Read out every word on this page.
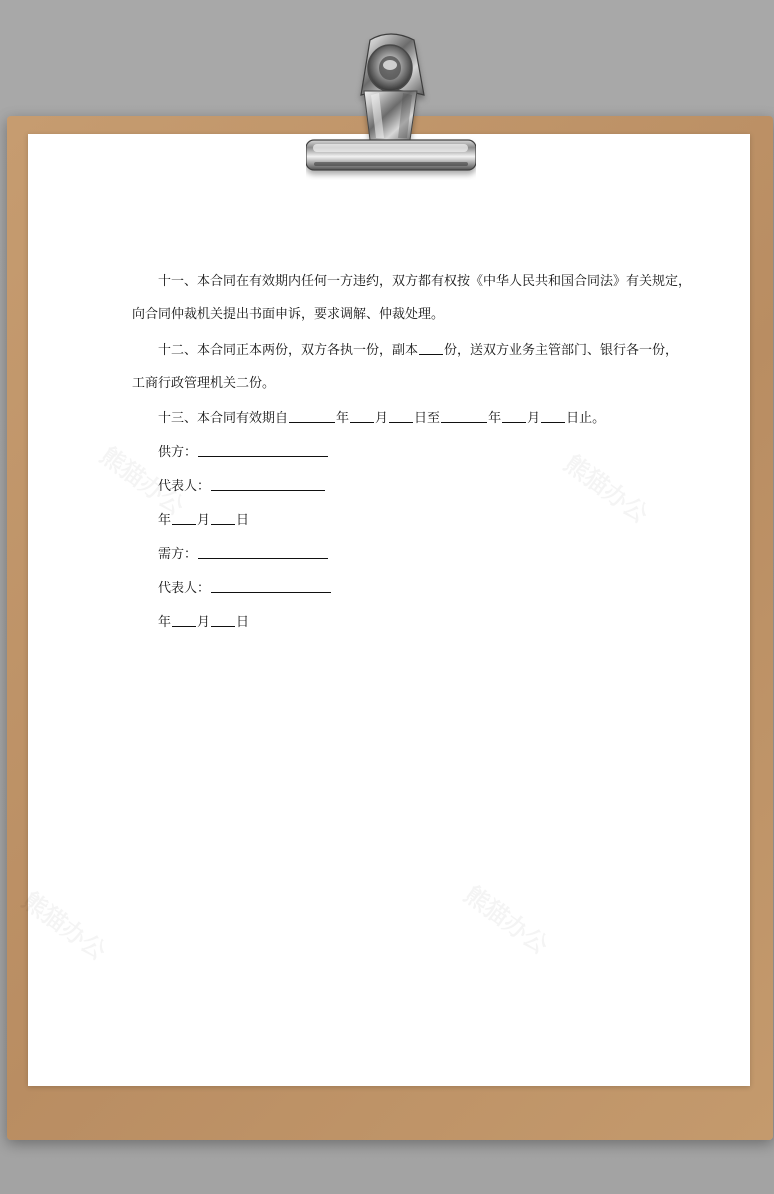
十一、本合同在有效期内任何一方违约，双方都有权按《中华人民共和国合同法》有关规定，
向合同仲裁机关提出书面申诉，要求调解、仲裁处理。
十二、本合同正本两份，双方各执一份，副本 份，送双方业务主管部门、银行各一份，
工商行政管理机关二份。
十三、本合同有效期自	年 月 日至	年 月 日止。
供方：
代表人：
年 月 日
需方：
代表人：
年 月 日
